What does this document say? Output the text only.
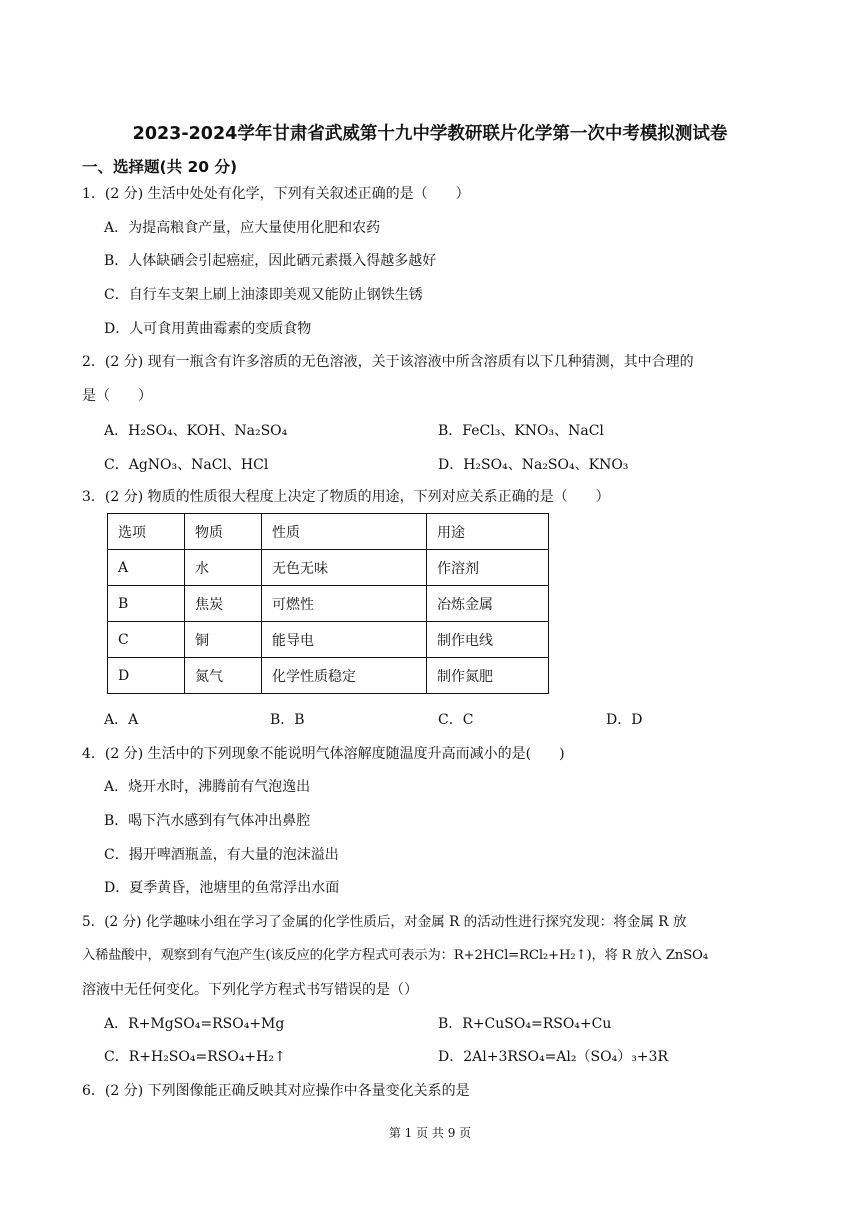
2023-2024学年甘肃省武威第十九中学教研联片化学第一次中考模拟测试卷
一、选择题(共 20 分)
1．(2 分) 生活中处处有化学，下列有关叙述正确的是（　　）
A．为提高粮食产量，应大量使用化肥和农药
B．人体缺硒会引起癌症，因此硒元素摄入得越多越好
C．自行车支架上刷上油漆即美观又能防止钢铁生锈
D．人可食用黄曲霉素的变质食物
2．(2 分) 现有一瓶含有许多溶质的无色溶液，关于该溶液中所含溶质有以下几种猜测，其中合理的
是（　　）
A．H₂SO₄、KOH、Na₂SO₄	B．FeCl₃、KNO₃、NaCl
C．AgNO₃、NaCl、HCl	D．H₂SO₄、Na₂SO₄、KNO₃
3．(2 分) 物质的性质很大程度上决定了物质的用途，下列对应关系正确的是（　　）
选项	物质	性质	用途
A	水	无色无味	作溶剂
B	焦炭	可燃性	冶炼金属
C	铜	能导电	制作电线
D	氮气	化学性质稳定	制作氮肥
A．A	B．B	C．C	D．D
4．(2 分) 生活中的下列现象不能说明气体溶解度随温度升高而减小的是(　　)
A．烧开水时，沸腾前有气泡逸出
B．喝下汽水感到有气体冲出鼻腔
C．揭开啤酒瓶盖，有大量的泡沫溢出
D．夏季黄昏，池塘里的鱼常浮出水面
5．(2 分) 化学趣味小组在学习了金属的化学性质后，对金属 R 的活动性进行探究发现：将金属 R 放
入稀盐酸中，观察到有气泡产生(该反应的化学方程式可表示为：R+2HCl=RCl₂+H₂↑)，将 R 放入 ZnSO₄
溶液中无任何变化。下列化学方程式书写错误的是（）
A．R+MgSO₄=RSO₄+Mg	B．R+CuSO₄=RSO₄+Cu
C．R+H₂SO₄=RSO₄+H₂↑	D．2Al+3RSO₄=Al₂（SO₄）₃+3R
6．(2 分) 下列图像能正确反映其对应操作中各量变化关系的是
第 1 页 共 9 页
